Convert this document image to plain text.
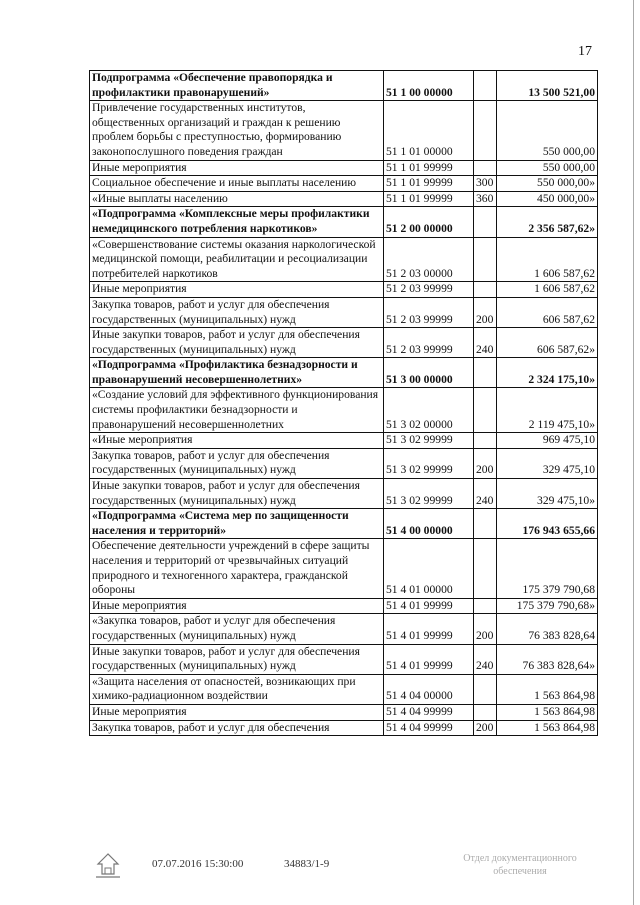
17
Подпрограмма «Обеспечение правопорядка и профилактики правонарушений»	51 1 00 00000		13 500 521,00
Привлечение государственных институтов, общественных организаций и граждан к решению проблем борьбы с преступностью, формированию законопослушного поведения граждан	51 1 01 00000		550 000,00
Иные мероприятия	51 1 01 99999		550 000,00
Социальное обеспечение и иные выплаты населению	51 1 01 99999	300	550 000,00»
«Иные выплаты населению	51 1 01 99999	360	450 000,00»
«Подпрограмма «Комплексные меры профилактики немедицинского потребления наркотиков»	51 2 00 00000		2 356 587,62»
«Совершенствование системы оказания наркологической медицинской помощи, реабилитации и ресоциализации потребителей наркотиков	51 2 03 00000		1 606 587,62
Иные мероприятия	51 2 03 99999		1 606 587,62
Закупка товаров, работ и услуг для обеспечения государственных (муниципальных) нужд	51 2 03 99999	200	606 587,62
Иные закупки товаров, работ и услуг для обеспечения государственных (муниципальных) нужд	51 2 03 99999	240	606 587,62»
«Подпрограмма «Профилактика безнадзорности и правонарушений несовершеннолетних»	51 3 00 00000		2 324 175,10»
«Создание условий для эффективного функционирования системы профилактики безнадзорности и правонарушений несовершеннолетних	51 3 02 00000		2 119 475,10»
«Иные мероприятия	51 3 02 99999		969 475,10
Закупка товаров, работ и услуг для обеспечения государственных (муниципальных) нужд	51 3 02 99999	200	329 475,10
Иные закупки товаров, работ и услуг для обеспечения государственных (муниципальных) нужд	51 3 02 99999	240	329 475,10»
«Подпрограмма «Система мер по защищенности населения и территорий»	51 4 00 00000		176 943 655,66
Обеспечение деятельности учреждений в сфере защиты населения и территорий от чрезвычайных ситуаций природного и техногенного характера, гражданской обороны	51 4 01 00000		175 379 790,68
Иные мероприятия	51 4 01 99999		175 379 790,68»
«Закупка товаров, работ и услуг для обеспечения государственных (муниципальных) нужд	51 4 01 99999	200	76 383 828,64
Иные закупки товаров, работ и услуг для обеспечения государственных (муниципальных) нужд	51 4 01 99999	240	76 383 828,64»
«Защита населения от опасностей, возникающих при химико-радиационном воздействии	51 4 04 00000		1 563 864,98
Иные мероприятия	51 4 04 99999		1 563 864,98
Закупка товаров, работ и услуг для обеспечения	51 4 04 99999	200	1 563 864,98
07.07.2016 15:30:00	34883/1-9	Отдел документационного
обеспечения
